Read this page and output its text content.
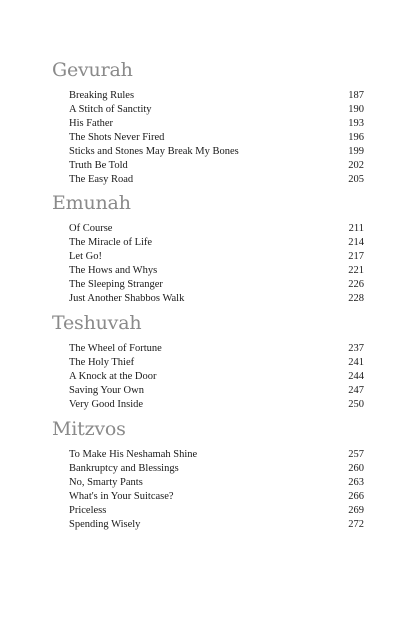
Gevurah
Breaking Rules	187
A Stitch of Sanctity	190
His Father	193
The Shots Never Fired	196
Sticks and Stones May Break My Bones	199
Truth Be Told	202
The Easy Road	205
Emunah
Of Course	211
The Miracle of Life	214
Let Go!	217
The Hows and Whys	221
The Sleeping Stranger	226
Just Another Shabbos Walk	228
Teshuvah
The Wheel of Fortune	237
The Holy Thief	241
A Knock at the Door	244
Saving Your Own	247
Very Good Inside	250
Mitzvos
To Make His Neshamah Shine	257
Bankruptcy and Blessings	260
No, Smarty Pants	263
What's in Your Suitcase?	266
Priceless	269
Spending Wisely	272
